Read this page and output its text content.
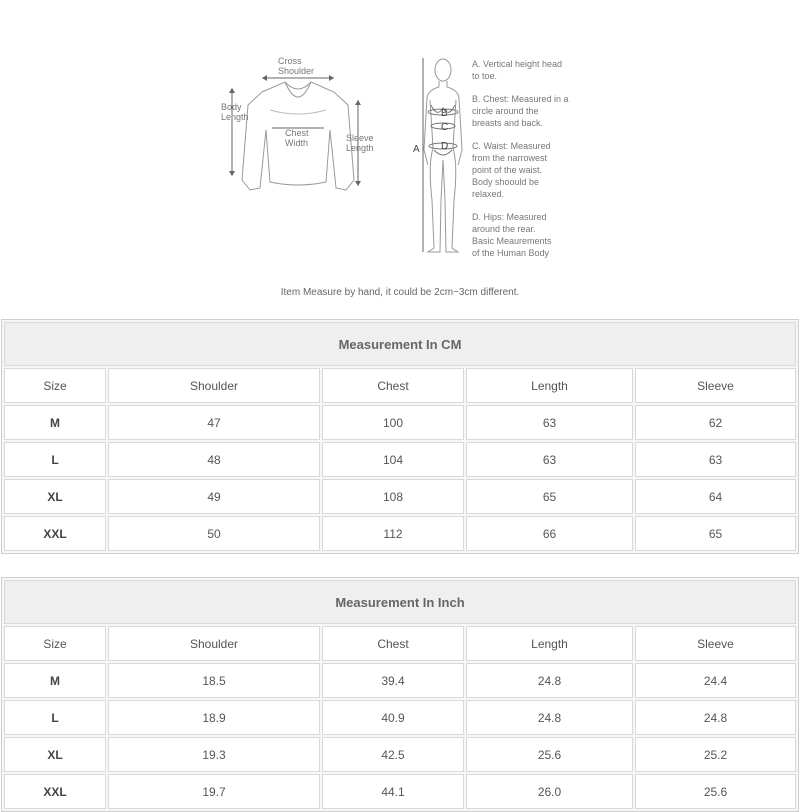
Cross
Shoulder
Body
Length
Chest
Width	Sleeve
Length
B
C
D
A
A. Vertical height head
to toe.
B. Chest: Measured in a
circle around the
breasts and back.
C. Waist: Measured
from the narrowest
point of the waist.
Body shoould be
relaxed.
D. Hips: Measured
around the rear.
Basic Meaurements
of the Human Body
Item Measure by hand, it could be 2cm~3cm different.
Measurement In CM				
Size	Shoulder	Chest	Length	Sleeve
M	47	100	63	62
L	48	104	63	63
XL	49	108	65	64
XXL	50	112	66	65
Measurement In Inch				
Size	Shoulder	Chest	Length	Sleeve
M	18.5	39.4	24.8	24.4
L	18.9	40.9	24.8	24.8
XL	19.3	42.5	25.6	25.2
XXL	19.7	44.1	26.0	25.6
